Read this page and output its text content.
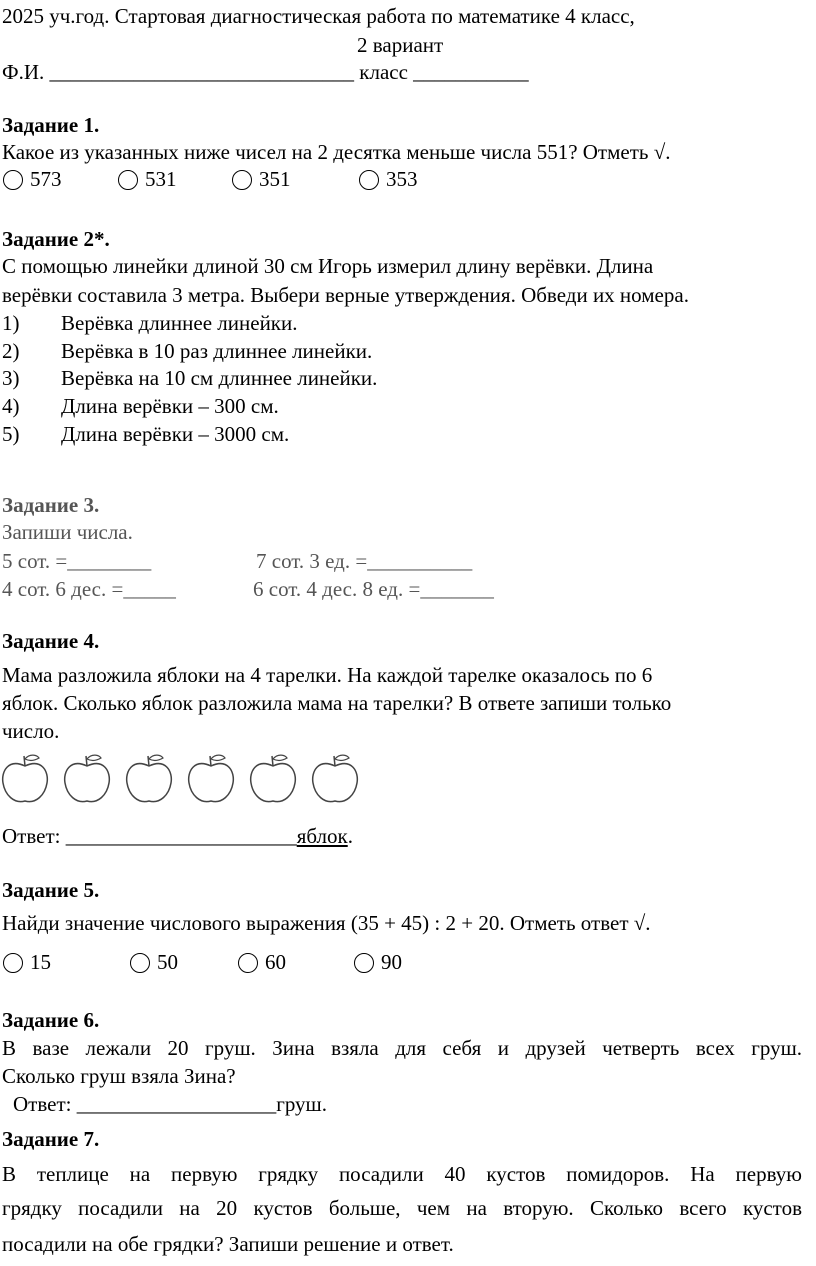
2025 уч.год. Стартовая диагностическая работа по математике 4 класс,
2 вариант
Ф.И. _____________________________ класс ___________
Задание 1.
Какое из указанных ниже чисел на 2 десятка меньше числа 551? Отметь √.
573	531	351	353
Задание 2*.
С помощью линейки длиной 30 см Игорь измерил длину верёвки. Длина
верёвки составила 3 метра. Выбери верные утверждения. Обведи их номера.
1) Верёвка длиннее линейки.
2) Верёвка в 10 раз длиннее линейки.
3) Верёвка на 10 см длиннее линейки.
4) Длина верёвки – 300 см.
5) Длина верёвки – 3000 см.
Задание 3.
Запиши числа.
5 сот. =________	7 сот. 3 ед. =__________
4 сот. 6 дес. =_____	6 сот. 4 дес. 8 ед. =_______
Задание 4.
Мама разложила яблоки на 4 тарелки. На каждой тарелке оказалось по 6
яблок. Сколько яблок разложила мама на тарелки? В ответе запиши только
число.
Ответ: ______________________яблок.
Задание 5.
Найди значение числового выражения (35 + 45) : 2 + 20. Отметь ответ √.
15	50	60	90
Задание 6.
В вазе лежали 20 груш. Зина взяла для себя и друзей четверть всех груш.
Сколько груш взяла Зина?
Ответ: ___________________груш.
Задание 7.
В теплице на первую грядку посадили 40 кустов помидоров. На первую
грядку посадили на 20 кустов больше, чем на вторую. Сколько всего кустов
посадили на обе грядки? Запиши решение и ответ.
